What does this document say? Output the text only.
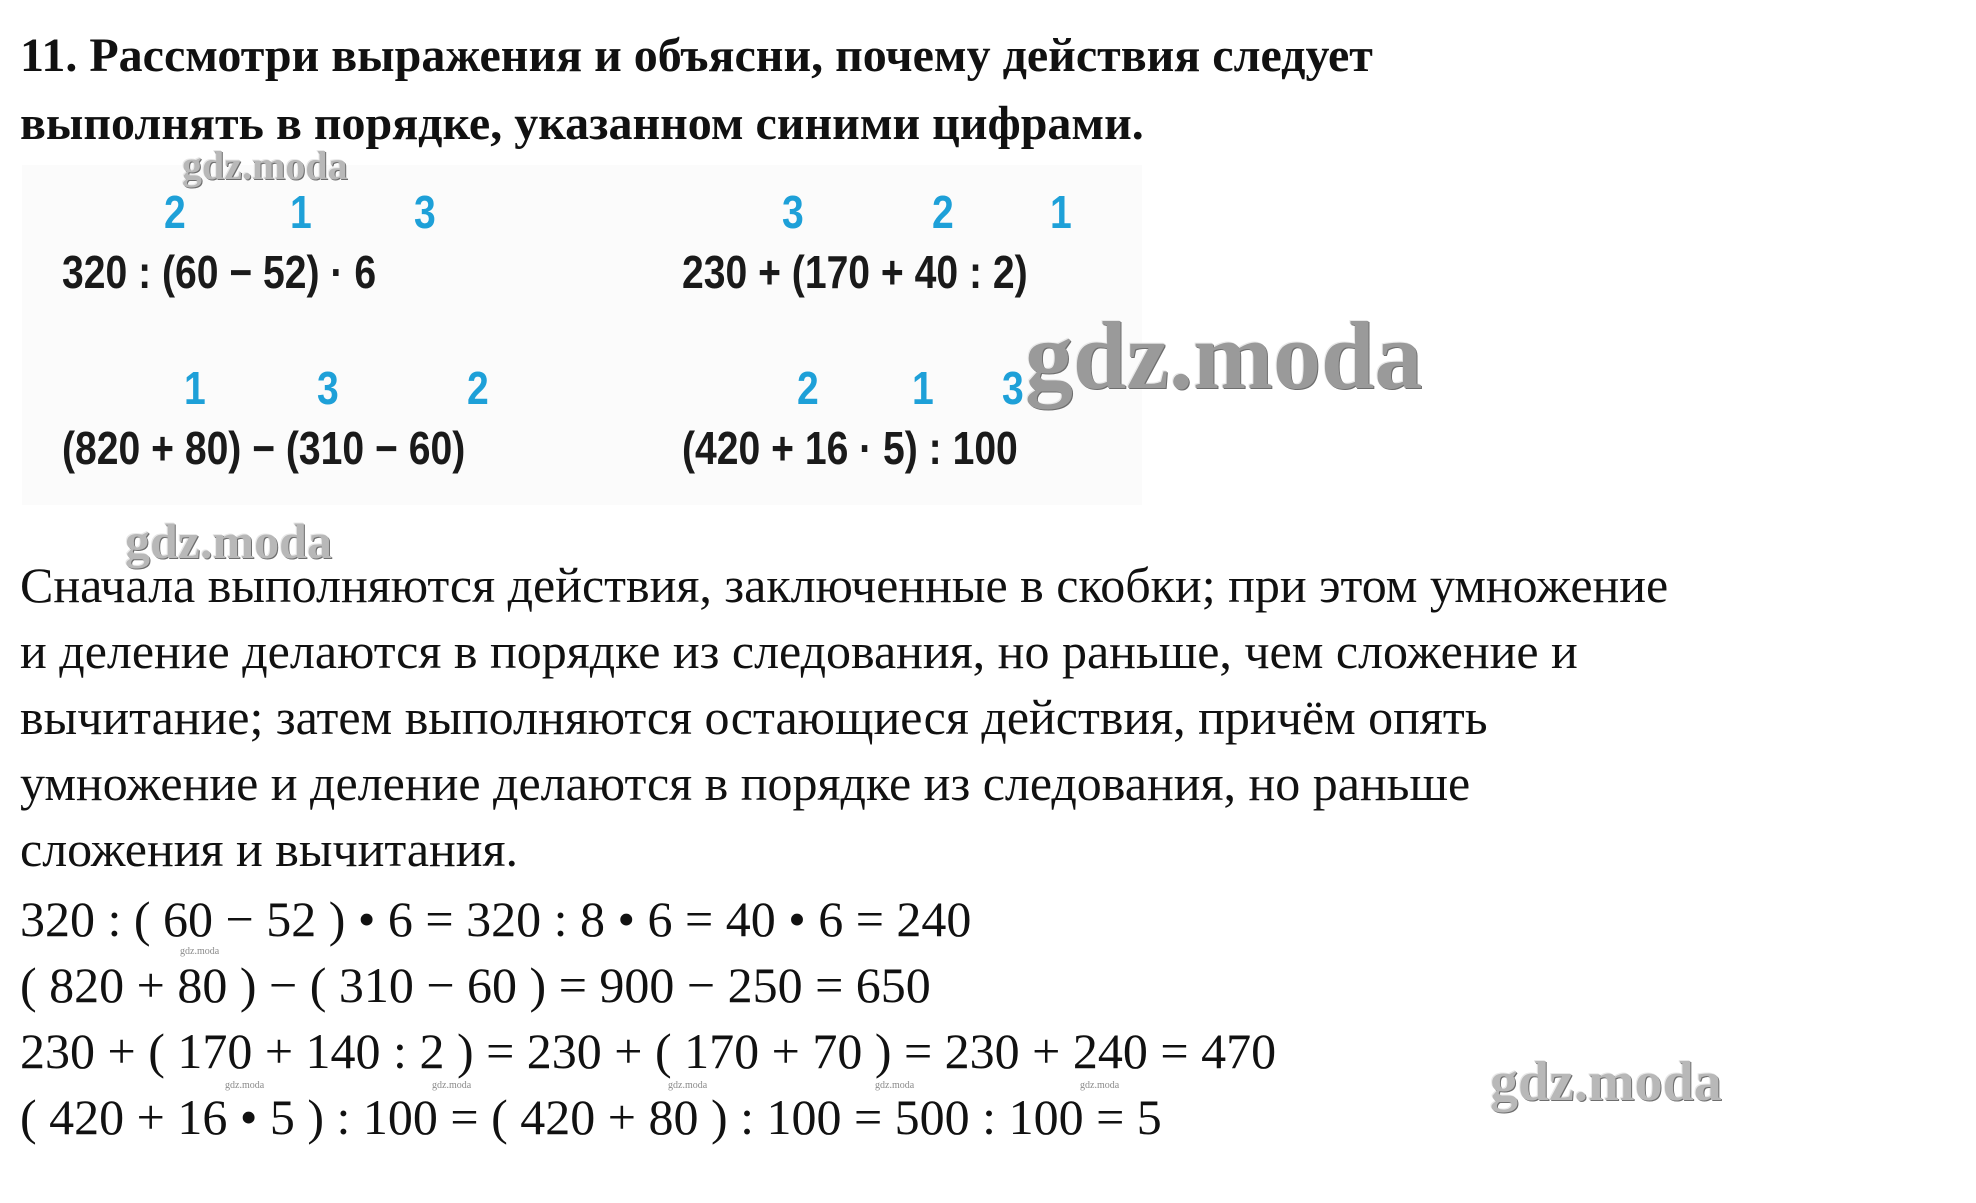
11. Рассмотри выражения и объясни, почему действия следует
выполнять в порядке, указанном синими цифрами.
2 1 3
320 : (60 − 52) · 6
3	2 1
230 + (170 + 40 : 2)
1 3	2
(820 + 80) − (310 − 60)
2 1 3
(420 + 16 · 5) : 100
Сначала выполняются действия, заключенные в скобки; при этом умножение
и деление делаются в порядке из следования, но раньше, чем сложение и
вычитание; затем выполняются остающиеся действия, причём опять
умножение и деление делаются в порядке из следования, но раньше
сложения и вычитания.
320 : ( 60 − 52 ) • 6 = 320 : 8 • 6 = 40 • 6 = 240
( 820 + 80 ) − ( 310 − 60 ) = 900 − 250 = 650
230 + ( 170 + 140 : 2 ) = 230 + ( 170 + 70 ) = 230 + 240 = 470
( 420 + 16 • 5 ) : 100 = ( 420 + 80 ) : 100 = 500 : 100 = 5
gdz.moda
gdz.moda
gdz.moda
gdz.moda
gdz.moda
gdz.moda	gdz.moda	gdz.moda	gdz.moda	gdz.moda
